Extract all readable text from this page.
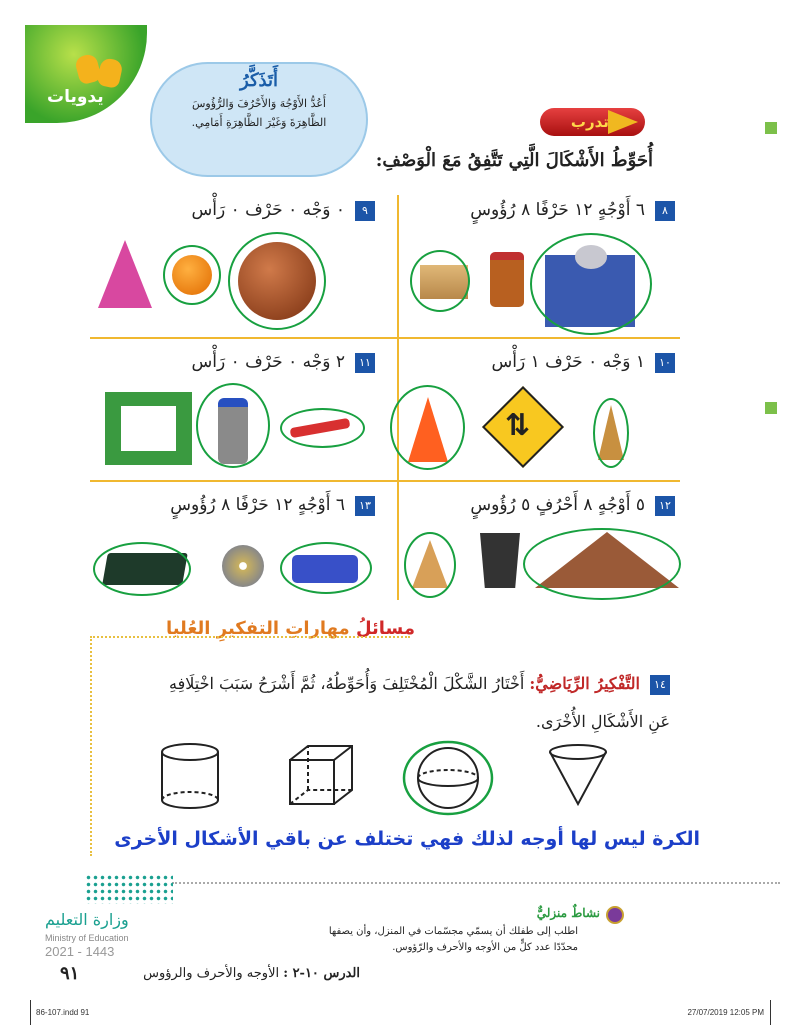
يدويات
أَتَذَكَّرُ
أَعُدُّ الأَوْجُهَ وَالأَحْرُفَ وَالرُّؤُوسَ
الظَّاهِرَةَ وَغَيْرَ الظَّاهِرَةِ أَمَامِي.	أتدرب
أُحَوِّطُ الأَشْكَالَ الَّتِي تَتَّفِقُ مَعَ الْوَصْفِ:
٨٦ أَوْجُهٍ ١٢ حَرْفًا ٨ رُؤُوسٍ
٩٠ وَجْه ٠ حَرْف ٠ رَأْس
١٠١ وَجْه ٠ حَرْف ١ رَأْس
١١٢ وَجْه ٠ حَرْف ٠ رَأْس
١٢٥ أَوْجُهٍ ٨ أَحْرُفٍ ٥ رُؤُوسٍ
١٣٦ أَوْجُهٍ ١٢ حَرْفًا ٨ رُؤُوسٍ
⇅
مسائلُ مهاراتِ التفكيرِ العُليا
١٤التَّفْكِيرُ الرِّيَاضِيُّ: أَخْتَارُ الشَّكْلَ الْمُخْتَلِفَ وَأُحَوِّطُهُ، ثُمَّ أَشْرَحُ سَبَبَ اخْتِلَافِهِ
عَنِ الأَشْكَالِ الأُخْرَى.
الكرة ليس لها أوجه لذلك فهي تختلف عن باقي الأشكال الأخرى
وزارة التعليم
Ministry of Education
2021 - 1443
نشاطٌ منزليٌّ
اطلب إلى طفلك أن يسمّي مجسّمات في المنزل، وأن يصفها
محدّدًا عدد كلٍّ من الأوجه والأحرف والرّؤوس.
الدرس ١٠-٢ : الأوجه والأحرف والرؤوس
٩١
86-107.indd 91	27/07/2019 12:05 PM
